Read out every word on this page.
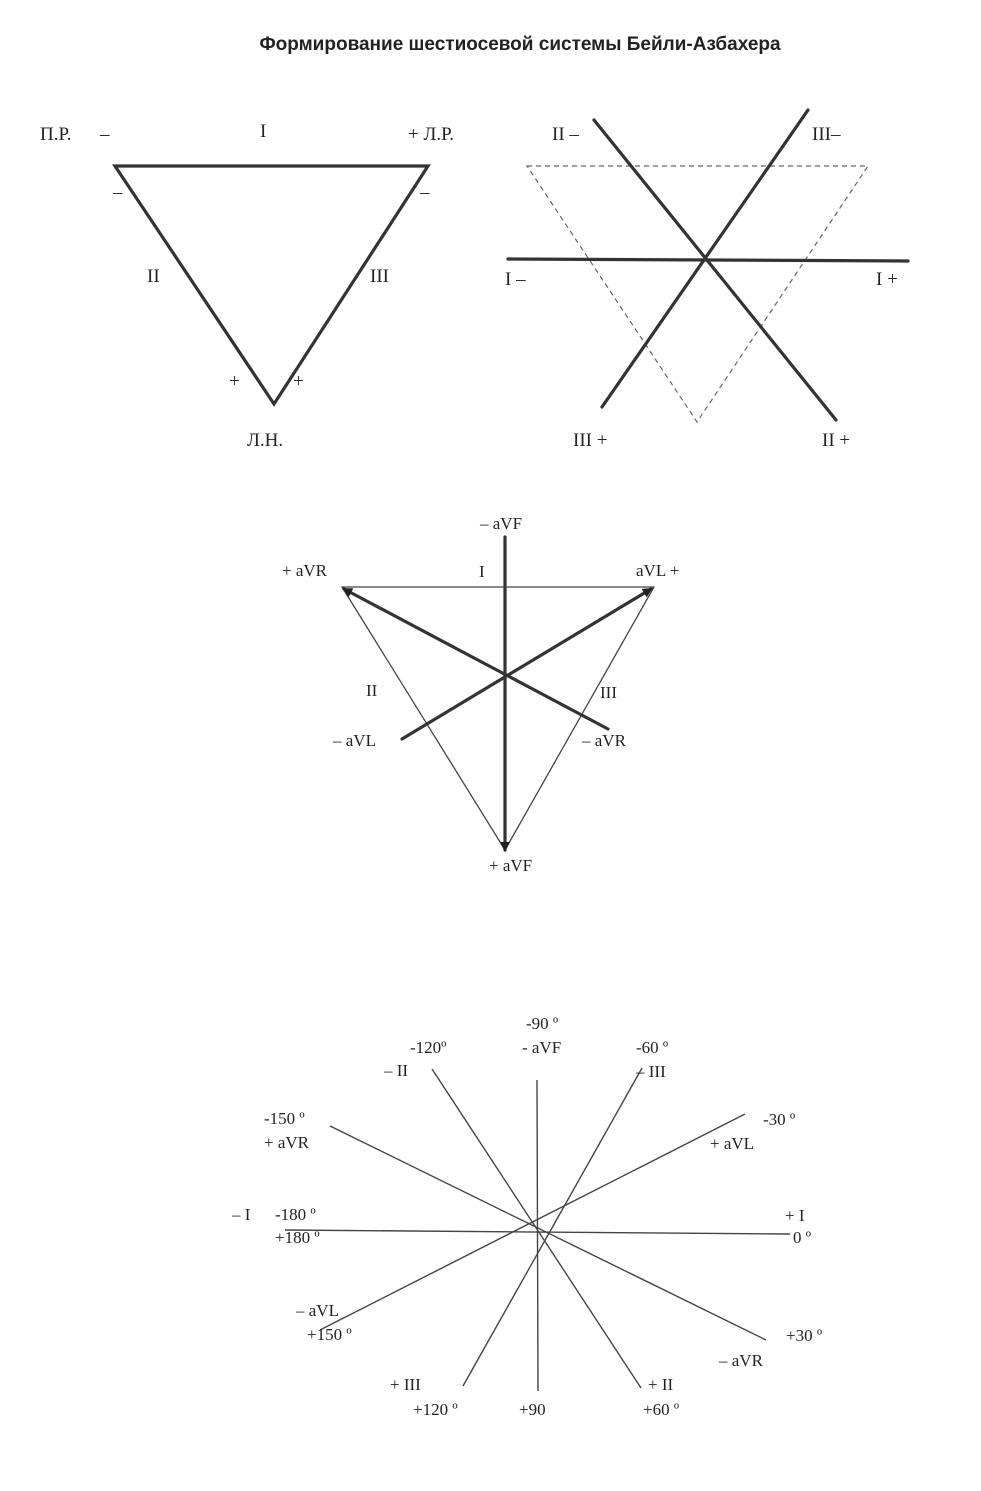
Формирование шестиосевой системы Бейли-Азбахера
П.Р. –	I	+ Л.Р.
–	–
II	III
+	+
Л.Н.
II –	III–
I –	I +
III +	II +
– aVF
+ aVR	I	aVL +
II	III
– aVL	– aVR
+ aVF
-90 º
- aVF
-120º
– II
-60 º
– III
-150 º
+ aVR
-30 º
+ aVL
– I -180 º
+180 º
+ I
0 º
– aVL
+150 º	+30 º
– aVR
+ III
+120 º	+90
+ II
+60 º
